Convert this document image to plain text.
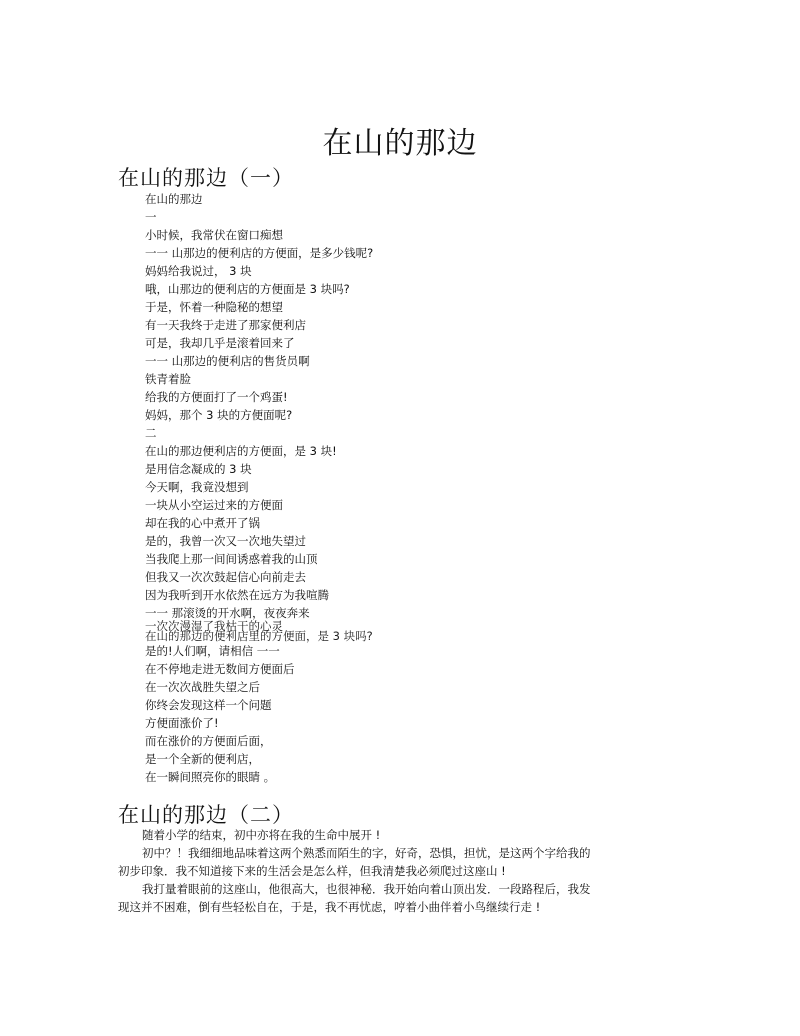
在山的那边
在山的那边（一）
在山的那边
一
小时候，我常伏在窗口痴想
一一 山那边的便利店的方便面，是多少钱呢?
妈妈给我说过， 3 块
哦，山那边的便利店的方便面是 3 块吗?
于是，怀着一种隐秘的想望
有一天我终于走进了那家便利店
可是，我却几乎是滚着回来了
一一 山那边的便利店的售货员啊
铁青着脸
给我的方便面打了一个鸡蛋!
妈妈，那个 3 块的方便面呢?
二
在山的那边便利店的方便面，是 3 块!
是用信念凝成的 3 块
今天啊，我竟没想到
一块从小空运过来的方便面
却在我的心中煮开了锅
是的，我曾一次又一次地失望过
当我爬上那一间间诱惑着我的山顶
但我又一次次鼓起信心向前走去
因为我听到开水依然在远方为我喧腾
一一 那滚烫的开水啊，夜夜奔来
一次次漫湿了我枯干的心灵
在山的那边的便利店里的方便面，是 3 块吗?
是的!人们啊，请相信 一一
在不停地走进无数间方便面后
在一次次战胜失望之后
你终会发现这样一个问题
方便面涨价了!
而在涨价的方便面后面，
是一个全新的便利店，
在一瞬间照亮你的眼睛 。
在山的那边（二）
随着小学的结束，初中亦将在我的生命中展开 !
初中？！我细细地品味着这两个熟悉而陌生的字，好奇，恐惧，担忧，是这两个字给我的初步印象．我不知道接下来的生活会是怎么样，但我清楚我必须爬过这座山 !
我打量着眼前的这座山，他很高大，也很神秘．我开始向着山顶出发．一段路程后，我发现这并不困难，倒有些轻松自在，于是，我不再忧虑，哼着小曲伴着小鸟继续行走 !
